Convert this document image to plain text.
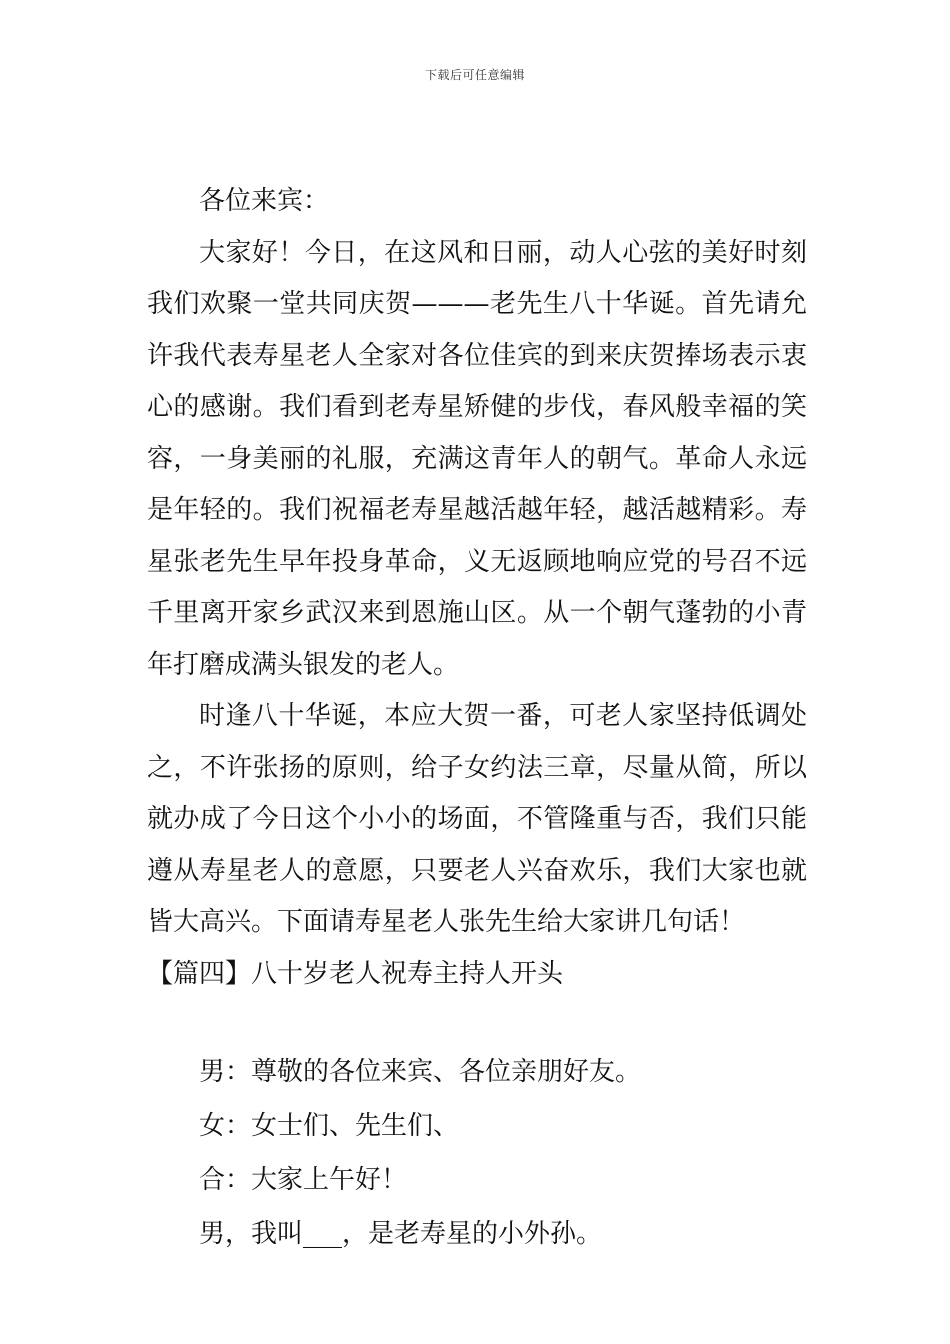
下载后可任意编辑

各位来宾：

大家好！今日，在这风和日丽，动人心弦的美好时刻我们欢聚一堂共同庆贺———老先生八十华诞。首先请允许我代表寿星老人全家对各位佳宾的到来庆贺捧场表示衷心的感谢。我们看到老寿星矫健的步伐，春风般幸福的笑容，一身美丽的礼服，充满这青年人的朝气。革命人永远是年轻的。我们祝福老寿星越活越年轻，越活越精彩。寿星张老先生早年投身革命，义无返顾地响应党的号召不远千里离开家乡武汉来到恩施山区。从一个朝气蓬勃的小青年打磨成满头银发的老人。

时逢八十华诞，本应大贺一番，可老人家坚持低调处之，不许张扬的原则，给子女约法三章，尽量从简，所以就办成了今日这个小小的场面，不管隆重与否，我们只能遵从寿星老人的意愿，只要老人兴奋欢乐，我们大家也就皆大高兴。下面请寿星老人张先生给大家讲几句话！

【篇四】八十岁老人祝寿主持人开头

男：尊敬的各位来宾、各位亲朋好友。

女：女士们、先生们、

合：大家上午好！

男，我叫___，是老寿星的小外孙。
